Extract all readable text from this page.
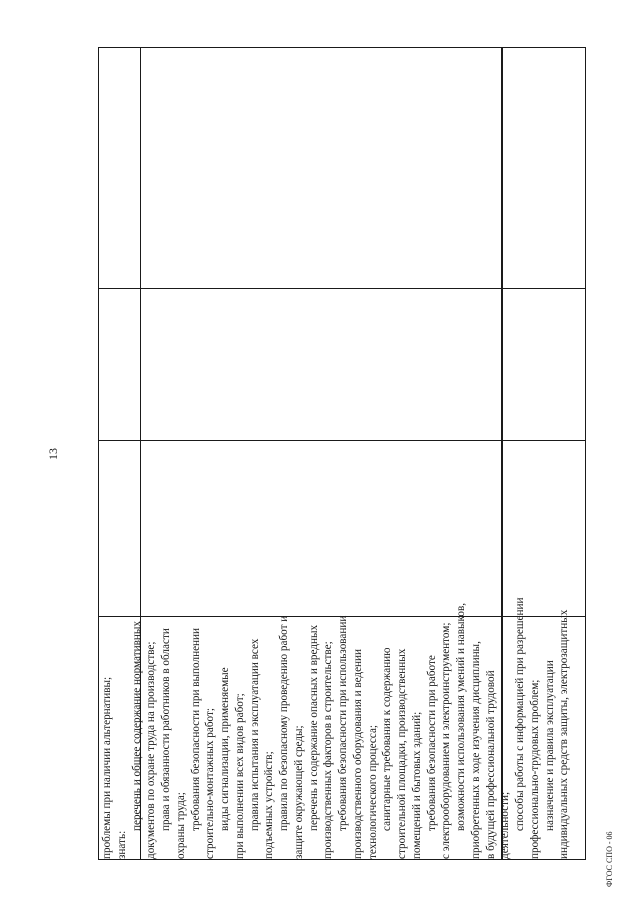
13
ФГОС СПО - 06
проблемы при наличии альтернативы; знать:
перечень и общее содержание нормативных документов по охране труда на производстве; права и обязанности работников в области охраны труда; требования безопасности при выполнении строительно-монтажных работ; виды сигнализации, применяемые при выполнении всех видов работ; правила испытания и эксплуатации всех подъемных устройств; правила по безопасному проведению работ и защите окружающей среды; перечень и содержание опасных и вредных производственных факторов в строительстве; требования безопасности при использовании производственного оборудования и ведении технологического процесса; санитарные требования к содержанию строительной площадки, производственных помещений и бытовых зданий; требования безопасности при работе с электрооборудованием и электроинструментом; возможности использования умений и навыков, приобретенных в ходе изучения дисциплины, в будущей профессиональной трудовой деятельности; способы работы с информацией при разрешении профессионально-трудовых проблем; назначение и правила эксплуатации индивидуальных средств защиты, электрозащитных
